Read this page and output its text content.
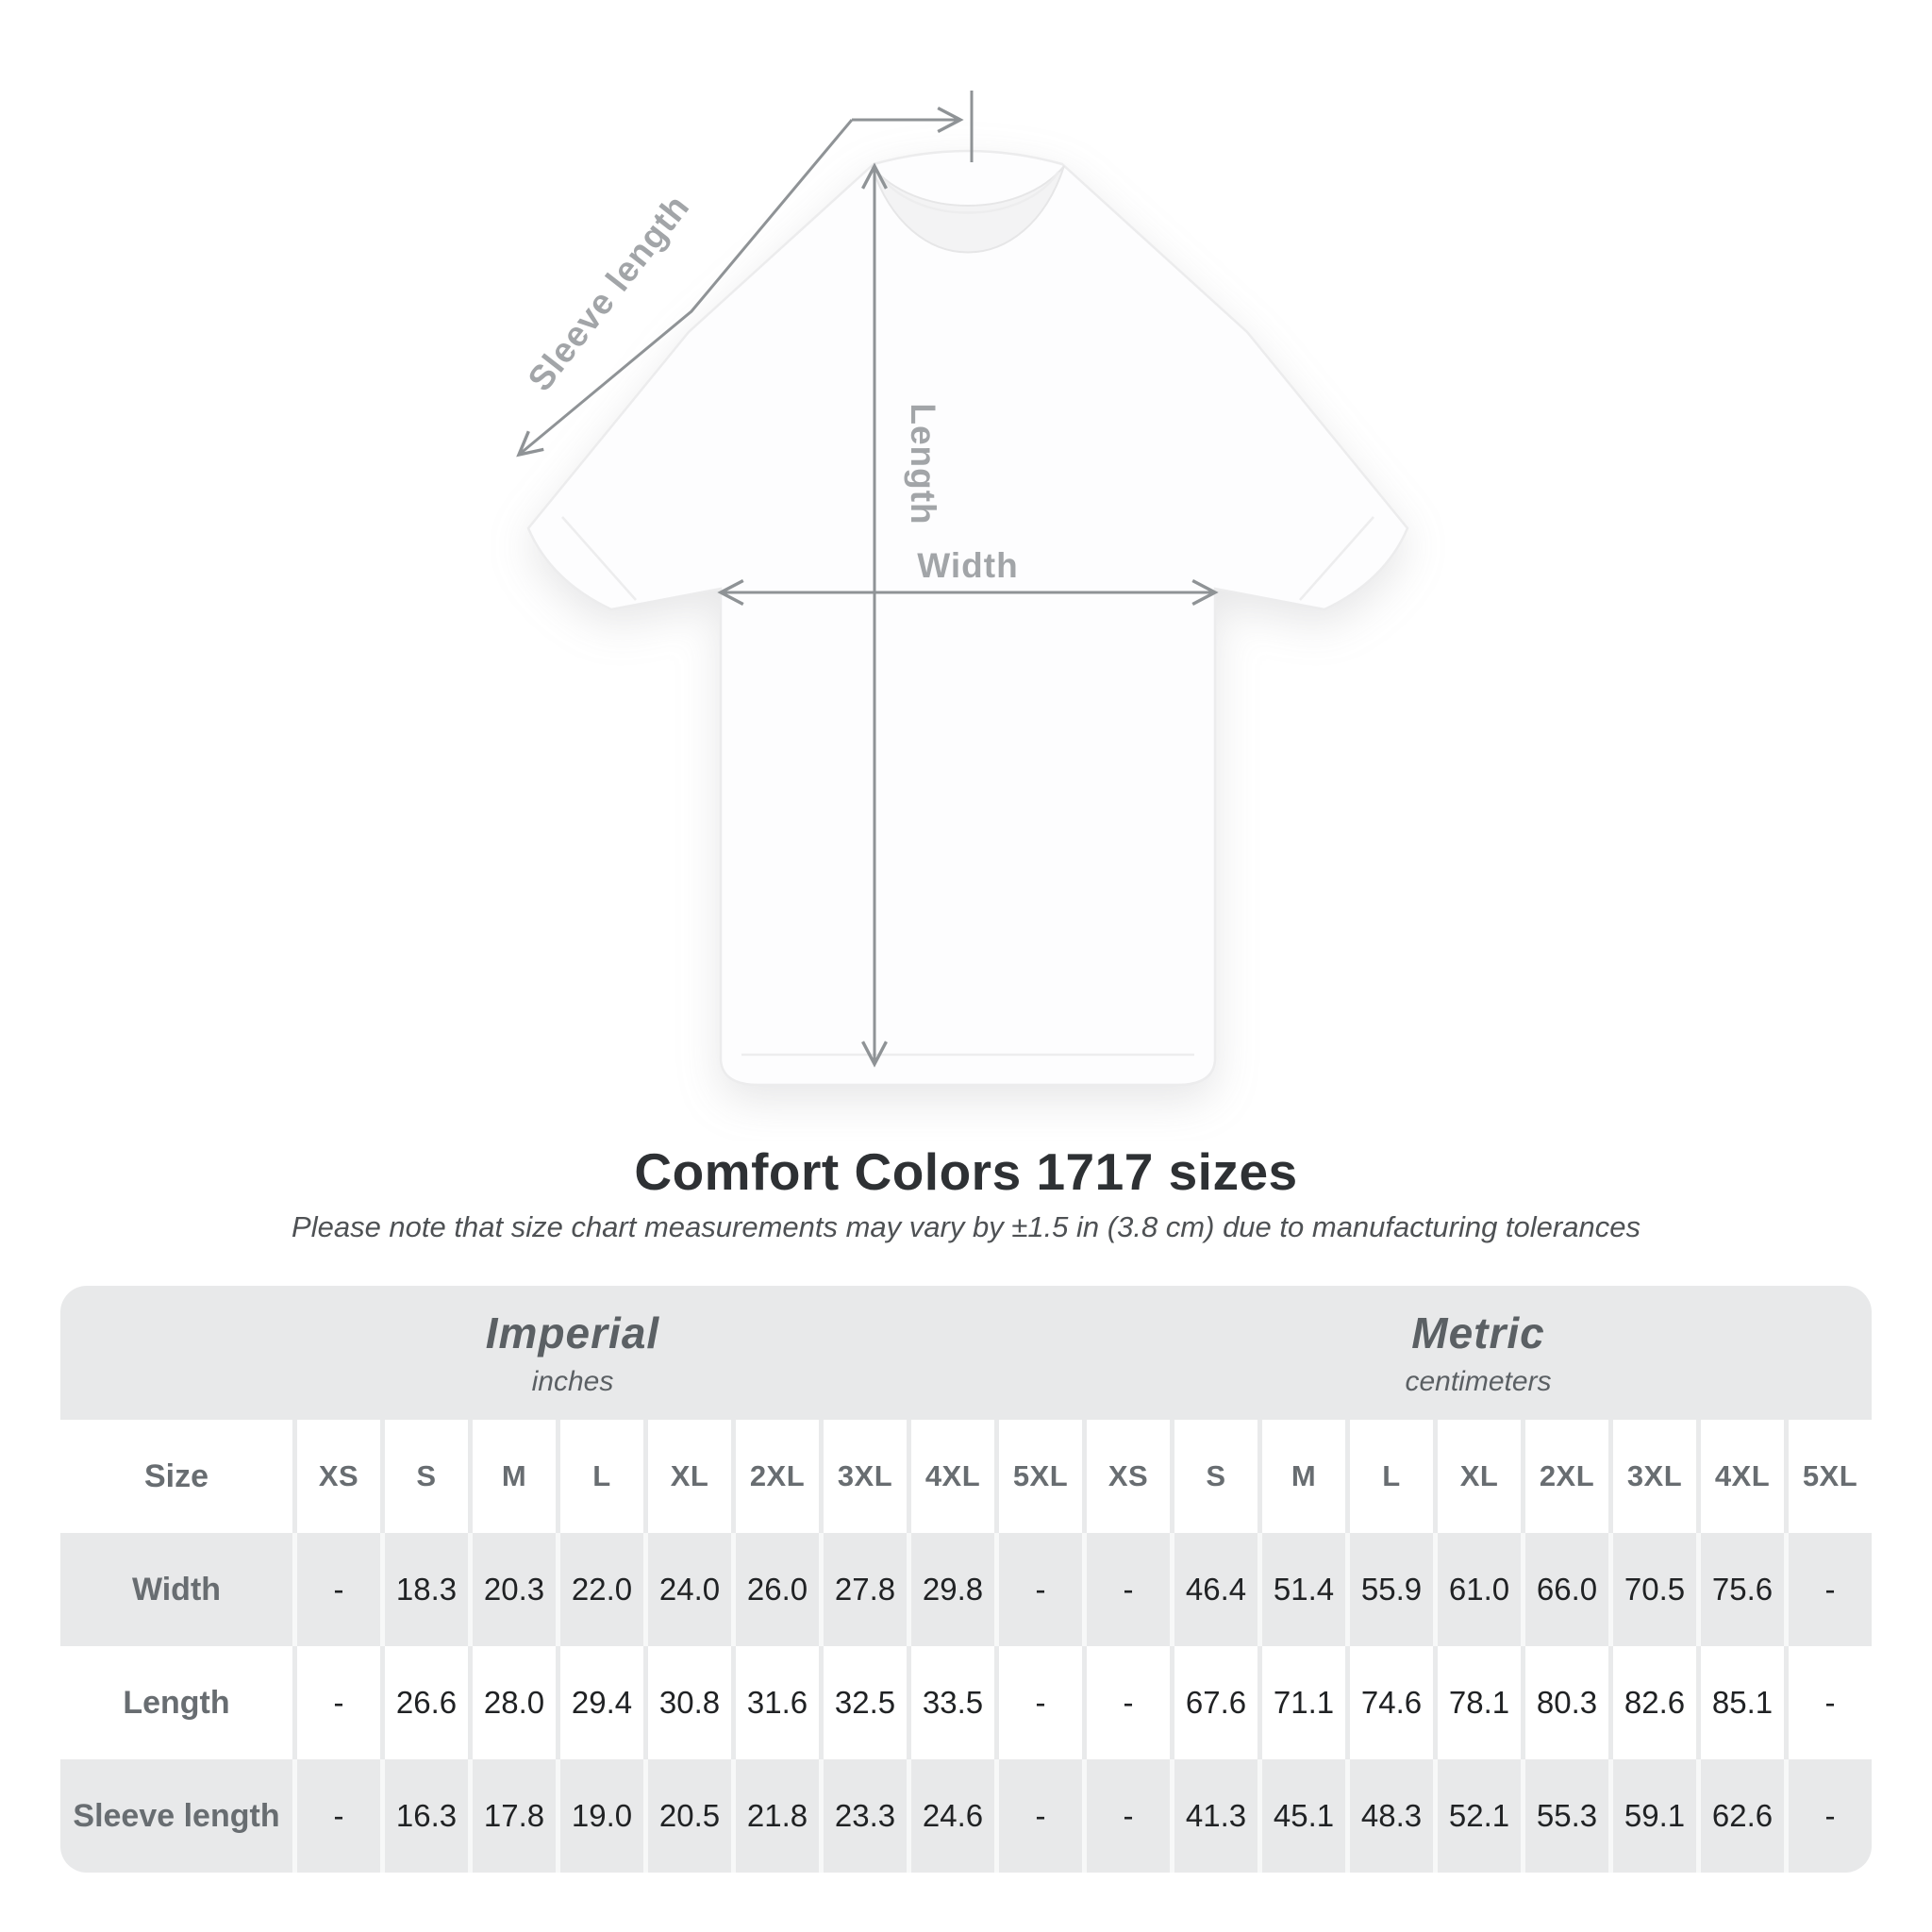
Sleeve length
Length
Width
Comfort Colors 1717 sizes

Please note that size chart measurements may vary by ±1.5 in (3.8 cm) due to manufacturing tolerances

Imperial
inches
Metric
centimeters
Size	XS	S	M	L	XL	2XL	3XL	4XL	5XL	XS	S	M	L	XL	2XL	3XL	4XL	5XL
Width	-	18.3 20.3 22.0 24.0 26.0 27.8 29.8	-	-	46.4 51.4 55.9 61.0 66.0 70.5 75.6	-
Length	-	26.6 28.0 29.4 30.8 31.6 32.5 33.5	-	-	67.6 71.1 74.6 78.1 80.3 82.6 85.1	-
Sleeve length	-	16.3 17.8 19.0 20.5 21.8 23.3 24.6	-	-	41.3 45.1 48.3 52.1 55.3 59.1 62.6	-
